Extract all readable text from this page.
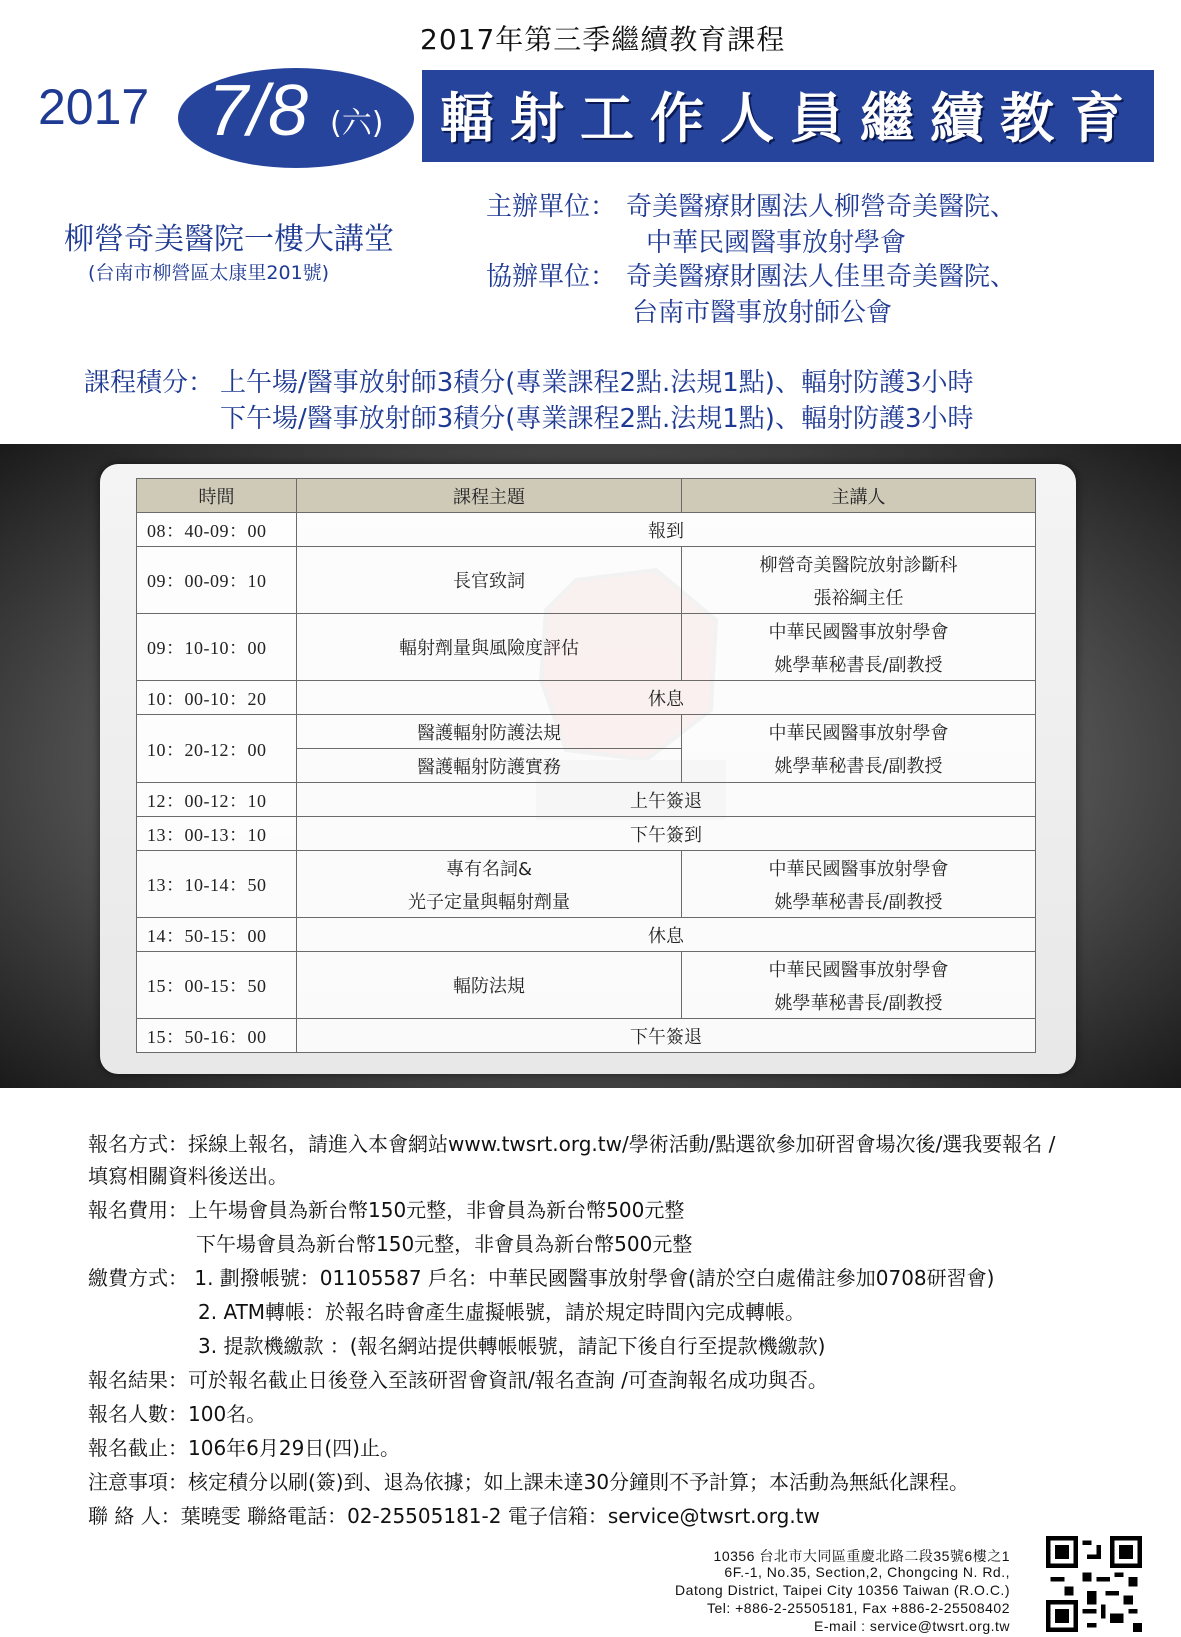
2017年第三季繼續教育課程
2017 7/8 (六) 輻射工作人員繼續教育
柳營奇美醫院一樓大講堂
(台南市柳營區太康里201號)
主辦單位： 奇美醫療財團法人柳營奇美醫院、
中華民國醫事放射學會
協辦單位： 奇美醫療財團法人佳里奇美醫院、
台南市醫事放射師公會
課程積分： 上午場/醫事放射師3積分(專業課程2點.法規1點)、輻射防護3小時
下午場/醫事放射師3積分(專業課程2點.法規1點)、輻射防護3小時
時間	課程主題	主講人
08：40-09：00	報到	
09：00-09：10	長官致詞	柳營奇美醫院放射診斷科
		張裕綱主任
09：10-10：00	輻射劑量與風險度評估	中華民國醫事放射學會
		姚學華秘書長/副教授
10：00-10：20	休息	
10：20-12：00	醫護輻射防護法規	中華民國醫事放射學會
	醫護輻射防護實務	姚學華秘書長/副教授
12：00-12：10	上午簽退	
13：00-13：10	下午簽到	
13：10-14：50	專有名詞&	中華民國醫事放射學會
	光子定量與輻射劑量	姚學華秘書長/副教授
14：50-15：00	休息	
15：00-15：50	輻防法規	中華民國醫事放射學會
		姚學華秘書長/副教授
15：50-16：00	下午簽退	
報名方式：採線上報名，請進入本會網站www.twsrt.org.tw/學術活動/點選欲參加研習會場次後/選我要報名 /
填寫相關資料後送出。
報名費用：上午場會員為新台幣150元整，非會員為新台幣500元整
下午場會員為新台幣150元整，非會員為新台幣500元整
繳費方式： 1. 劃撥帳號：01105587 戶名：中華民國醫事放射學會(請於空白處備註參加0708研習會)
2. ATM轉帳：於報名時會產生虛擬帳號，請於規定時間內完成轉帳。
3. 提款機繳款 ：(報名網站提供轉帳帳號，請記下後自行至提款機繳款)
報名結果：可於報名截止日後登入至該研習會資訊/報名查詢 /可查詢報名成功與否。
報名人數：100名。
報名截止：106年6月29日(四)止。
注意事項：核定積分以刷(簽)到、退為依據；如上課未達30分鐘則不予計算；本活動為無紙化課程。
聯 絡 人：葉曉雯 聯絡電話：02-25505181-2 電子信箱：service@twsrt.org.tw
10356 台北市大同區重慶北路二段35號6樓之1
6F.-1, No.35, Section,2, Chongcing N. Rd.,
Datong District, Taipei City 10356 Taiwan (R.O.C.)
Tel: +886-2-25505181, Fax +886-2-25508402
E-mail : service@twsrt.org.tw
